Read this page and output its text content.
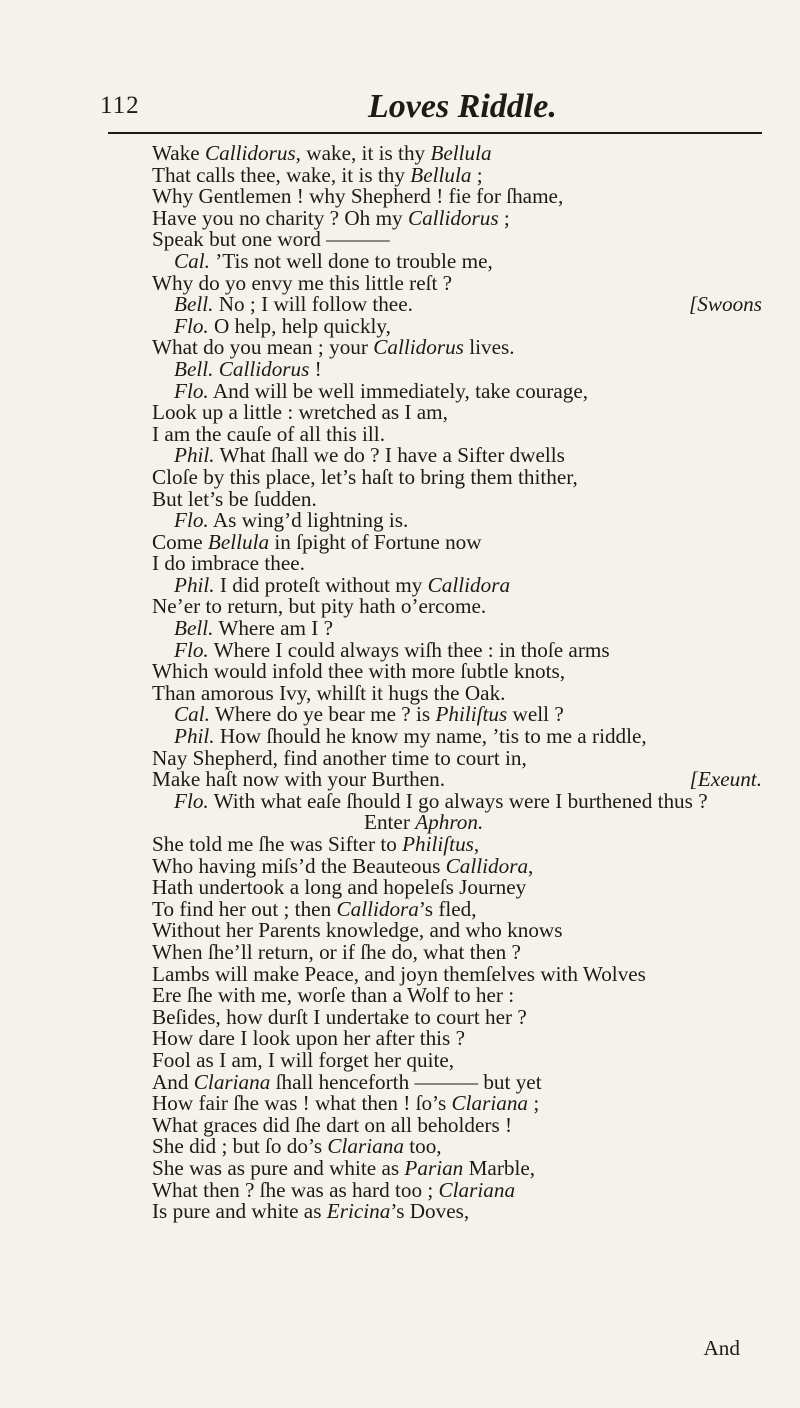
112	Loves Riddle.
Wake Callidorus, wake, it is thy Bellula
That calls thee, wake, it is thy Bellula ;
Why Gentlemen ! why Shepherd ! fie for ſhame,
Have you no charity ? Oh my Callidorus ;
Speak but one word ———
Cal. ’Tis not well done to trouble me,
Why do yo envy me this little reſt ?
Bell. No ; I will follow thee.	[Swoons
Flo. O help, help quickly,
What do you mean ; your Callidorus lives.
Bell. Callidorus !
Flo. And will be well immediately, take courage,
Look up a little : wretched as I am,
I am the cauſe of all this ill.
Phil. What ſhall we do ? I have a Sifter dwells
Cloſe by this place, let’s haſt to bring them thither,
But let’s be ſudden.
Flo. As wing’d lightning is.
Come Bellula in ſpight of Fortune now
I do imbrace thee.
Phil. I did proteſt without my Callidora
Ne’er to return, but pity hath o’ercome.
Bell. Where am I ?
Flo. Where I could always wiſh thee : in thoſe arms
Which would infold thee with more ſubtle knots,
Than amorous Ivy, whilſt it hugs the Oak.
Cal. Where do ye bear me ? is Philiſtus well ?
Phil. How ſhould he know my name, ’tis to me a riddle,
Nay Shepherd, find another time to court in,
Make haſt now with your Burthen.	[Exeunt.
Flo. With what eaſe ſhould I go always were I burthened thus ?
Enter Aphron.
She told me ſhe was Sifter to Philiſtus,
Who having miſs’d the Beauteous Callidora,
Hath undertook a long and hopeleſs Journey
To find her out ; then Callidora’s fled,
Without her Parents knowledge, and who knows
When ſhe’ll return, or if ſhe do, what then ?
Lambs will make Peace, and joyn themſelves with Wolves
Ere ſhe with me, worſe than a Wolf to her :
Beſides, how durſt I undertake to court her ?
How dare I look upon her after this ?
Fool as I am, I will forget her quite,
And Clariana ſhall henceforth ——— but yet
How fair ſhe was ! what then ! ſo’s Clariana ;
What graces did ſhe dart on all beholders !
She did ; but ſo do’s Clariana too,
She was as pure and white as Parian Marble,
What then ? ſhe was as hard too ; Clariana
Is pure and white as Ericina’s Doves,
And
